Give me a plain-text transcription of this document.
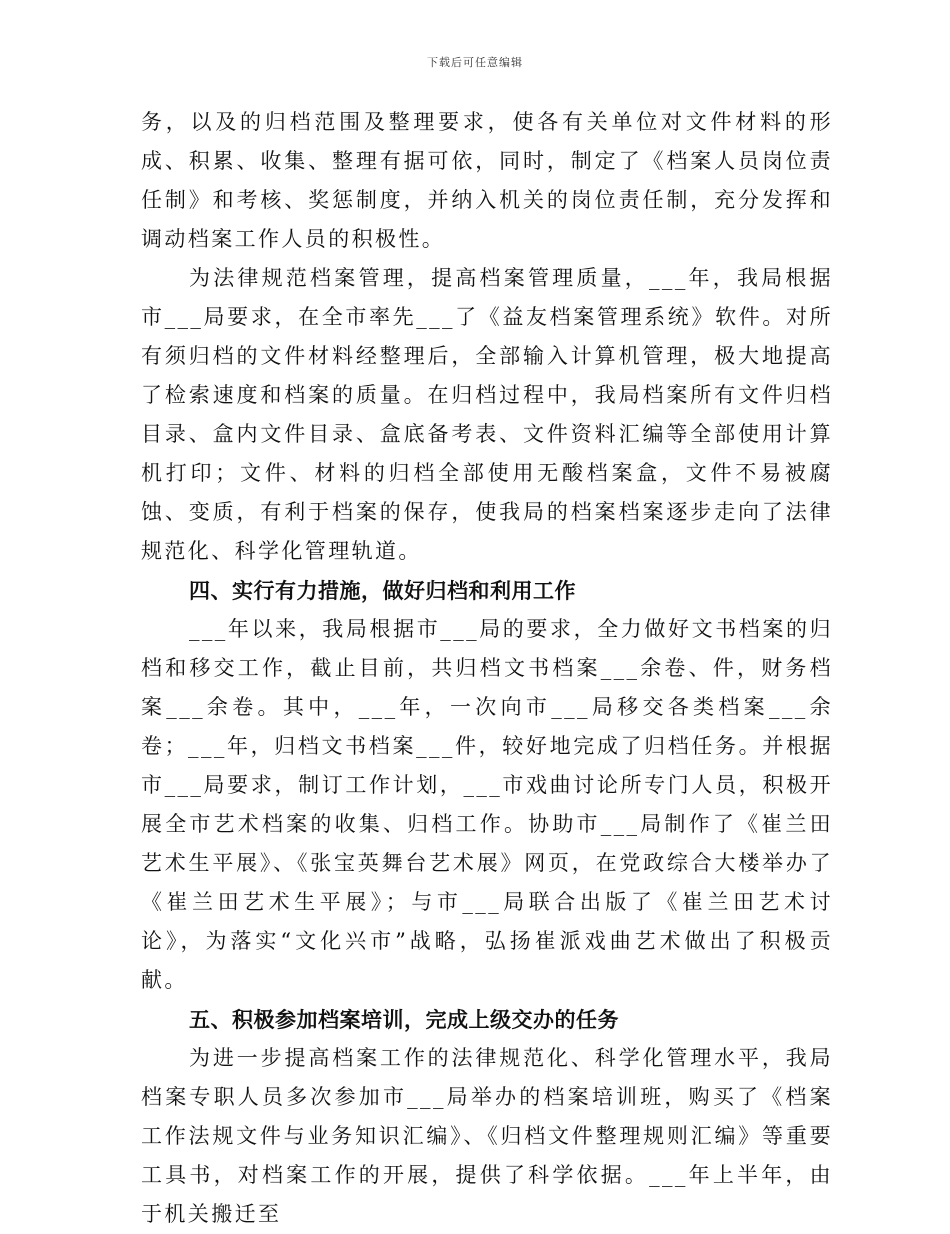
下载后可任意编辑

务，以及的归档范围及整理要求，使各有关单位对文件材料的形成、积累、收集、整理有据可依，同时，制定了《档案人员岗位责任制》和考核、奖惩制度，并纳入机关的岗位责任制，充分发挥和调动档案工作人员的积极性。

为法律规范档案管理，提高档案管理质量，___年，我局根据市___局要求，在全市率先___了《益友档案管理系统》软件。对所有须归档的文件材料经整理后，全部输入计算机管理，极大地提高了检索速度和档案的质量。在归档过程中，我局档案所有文件归档目录、盒内文件目录、盒底备考表、文件资料汇编等全部使用计算机打印；文件、材料的归档全部使用无酸档案盒，文件不易被腐蚀、变质，有利于档案的保存，使我局的档案档案逐步走向了法律规范化、科学化管理轨道。

四、实行有力措施，做好归档和利用工作

___年以来，我局根据市___局的要求，全力做好文书档案的归档和移交工作，截止目前，共归档文书档案___余卷、件，财务档案___余卷。其中，___年，一次向市___局移交各类档案___余卷；___年，归档文书档案___件，较好地完成了归档任务。并根据市___局要求，制订工作计划，___市戏曲讨论所专门人员，积极开展全市艺术档案的收集、归档工作。协助市___局制作了《崔兰田艺术生平展》、《张宝英舞台艺术展》网页，在党政综合大楼举办了《崔兰田艺术生平展》；与市___局联合出版了《崔兰田艺术讨论》，为落实“文化兴市”战略，弘扬崔派戏曲艺术做出了积极贡献。

五、积极参加档案培训，完成上级交办的任务

为进一步提高档案工作的法律规范化、科学化管理水平，我局档案专职人员多次参加市___局举办的档案培训班，购买了《档案工作法规文件与业务知识汇编》、《归档文件整理规则汇编》等重要工具书，对档案工作的开展，提供了科学依据。___年上半年，由于机关搬迁至
